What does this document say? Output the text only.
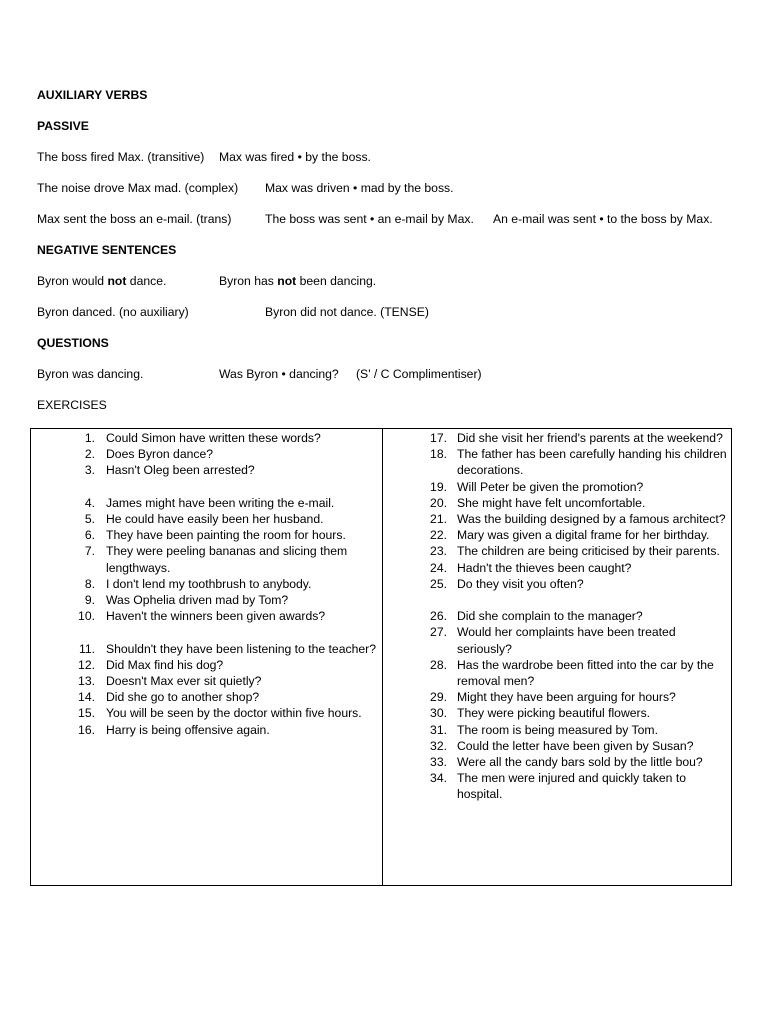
AUXILIARY VERBS
PASSIVE
The boss fired Max. (transitive) Max was fired • by the boss.
The noise drove Max mad. (complex) Max was driven • mad by the boss.
Max sent the boss an e-mail. (trans)	The boss was sent • an e-mail by Max. An e-mail was sent • to the boss by Max.
NEGATIVE SENTENCES
Byron would not dance.	Byron has not been dancing.
Byron danced. (no auxiliary)	Byron did not dance. (TENSE)
QUESTIONS
Byron was dancing.	Was Byron • dancing? (S' / C Complimentiser)
EXERCISES
1. Could Simon have written these words?
2. Does Byron dance?
3. Hasn't Oleg been arrested?
4. James might have been writing the e-mail.
5. He could have easily been her husband.
6. They have been painting the room for hours.
7. They were peeling bananas and slicing them lengthways.
8. I don't lend my toothbrush to anybody.
9. Was Ophelia driven mad by Tom?
10. Haven't the winners been given awards?
11. Shouldn't they have been listening to the teacher?
12. Did Max find his dog?
13. Doesn't Max ever sit quietly?
14. Did she go to another shop?
15. You will be seen by the doctor within five hours.
16. Harry is being offensive again.
17. Did she visit her friend's parents at the weekend?
18. The father has been carefully handing his children decorations.
19. Will Peter be given the promotion?
20. She might have felt uncomfortable.
21. Was the building designed by a famous architect?
22. Mary was given a digital frame for her birthday.
23. The children are being criticised by their parents.
24. Hadn't the thieves been caught?
25. Do they visit you often?
26. Did she complain to the manager?
27. Would her complaints have been treated seriously?
28. Has the wardrobe been fitted into the car by the removal men?
29. Might they have been arguing for hours?
30. They were picking beautiful flowers.
31. The room is being measured by Tom.
32. Could the letter have been given by Susan?
33. Were all the candy bars sold by the little bou?
34. The men were injured and quickly taken to hospital.
